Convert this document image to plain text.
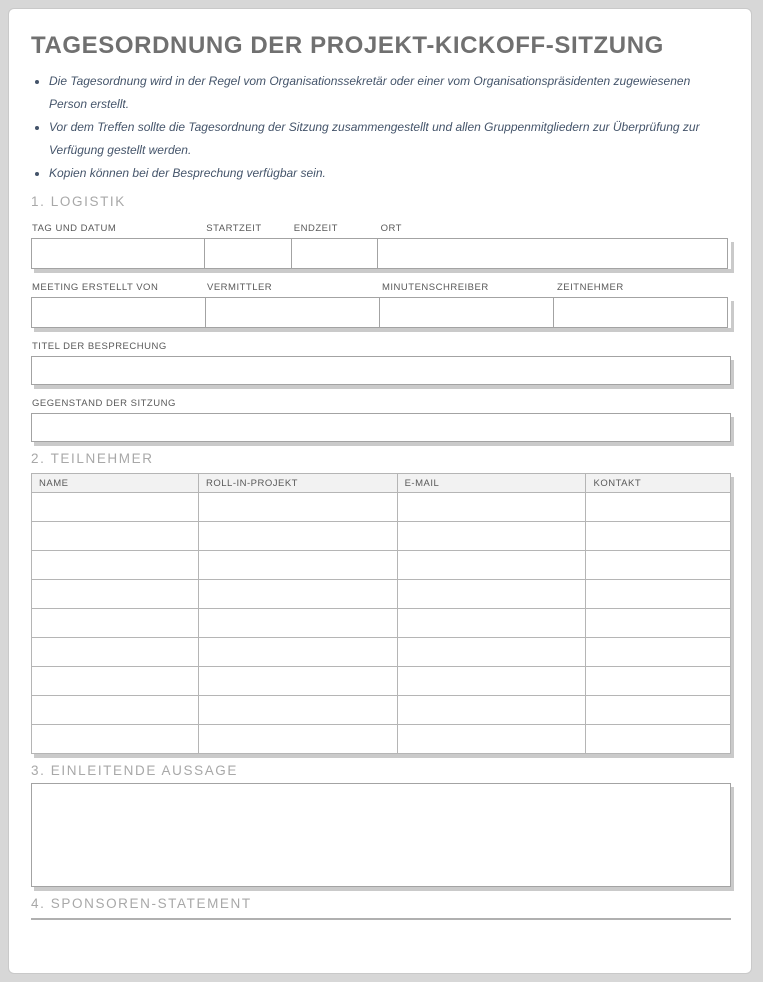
TAGESORDNUNG DER PROJEKT-KICKOFF-SITZUNG
• Die Tagesordnung wird in der Regel vom Organisationssekretär oder einer vom Organisationspräsidenten zugewiesenen Person erstellt.
• Vor dem Treffen sollte die Tagesordnung der Sitzung zusammengestellt und allen Gruppenmitgliedern zur Überprüfung zur Verfügung gestellt werden.
• Kopien können bei der Besprechung verfügbar sein.
1. LOGISTIK
TAG UND DATUM	STARTZEIT	ENDZEIT	ORT
MEETING ERSTELLT VON	VERMITTLER	MINUTENSCHREIBER	ZEITNEHMER
TITEL DER BESPRECHUNG
GEGENSTAND DER SITZUNG
2. TEILNEHMER
NAME	ROLL-IN-PROJEKT	E-MAIL	KONTAKT

3. EINLEITENDE AUSSAGE
4. SPONSOREN-STATEMENT
